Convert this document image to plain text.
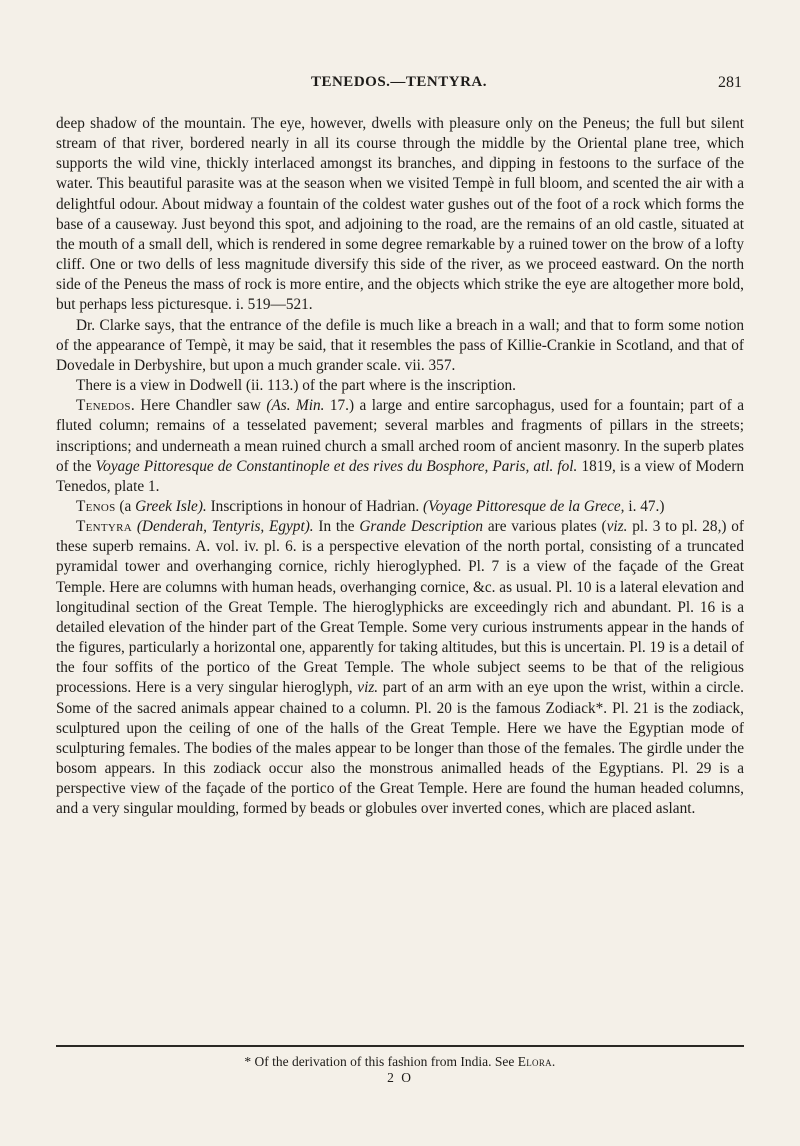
TENEDOS.—TENTYRA.	281

deep shadow of the mountain. The eye, however, dwells with pleasure only on the Peneus; the full but silent stream of that river, bordered nearly in all its course through the middle by the Oriental plane tree, which supports the wild vine, thickly interlaced amongst its branches, and dipping in festoons to the surface of the water. This beautiful parasite was at the season when we visited Tempè in full bloom, and scented the air with a delightful odour. About midway a fountain of the coldest water gushes out of the foot of a rock which forms the base of a causeway. Just beyond this spot, and adjoining to the road, are the remains of an old castle, situated at the mouth of a small dell, which is rendered in some degree remarkable by a ruined tower on the brow of a lofty cliff. One or two dells of less magnitude diversify this side of the river, as we proceed eastward. On the north side of the Peneus the mass of rock is more entire, and the objects which strike the eye are altogether more bold, but perhaps less picturesque. i. 519—521.

Dr. Clarke says, that the entrance of the defile is much like a breach in a wall; and that to form some notion of the appearance of Tempè, it may be said, that it resembles the pass of Killie-Crankie in Scotland, and that of Dovedale in Derbyshire, but upon a much grander scale. vii. 357.

There is a view in Dodwell (ii. 113.) of the part where is the inscription.

Tenedos. Here Chandler saw (As. Min. 17.) a large and entire sarcophagus, used for a fountain; part of a fluted column; remains of a tesselated pavement; several marbles and fragments of pillars in the streets; inscriptions; and underneath a mean ruined church a small arched room of ancient masonry. In the superb plates of the Voyage Pittoresque de Constantinople et des rives du Bosphore, Paris, atl. fol. 1819, is a view of Modern Tenedos, plate 1.

Tenos (a Greek Isle). Inscriptions in honour of Hadrian. (Voyage Pittoresque de la Grece, i. 47.)

Tentyra (Denderah, Tentyris, Egypt). In the Grande Description are various plates (viz. pl. 3 to pl. 28,) of these superb remains. A. vol. iv. pl. 6. is a perspective elevation of the north portal, consisting of a truncated pyramidal tower and overhanging cornice, richly hieroglyphed. Pl. 7 is a view of the façade of the Great Temple. Here are columns with human heads, overhanging cornice, &c. as usual. Pl. 10 is a lateral elevation and longitudinal section of the Great Temple. The hieroglyphicks are exceedingly rich and abundant. Pl. 16 is a detailed elevation of the hinder part of the Great Temple. Some very curious instruments appear in the hands of the figures, particularly a horizontal one, apparently for taking altitudes, but this is uncertain. Pl. 19 is a detail of the four soffits of the portico of the Great Temple. The whole subject seems to be that of the religious processions. Here is a very singular hieroglyph, viz. part of an arm with an eye upon the wrist, within a circle. Some of the sacred animals appear chained to a column. Pl. 20 is the famous Zodiack*. Pl. 21 is the zodiack, sculptured upon the ceiling of one of the halls of the Great Temple. Here we have the Egyptian mode of sculpturing females. The bodies of the males appear to be longer than those of the females. The girdle under the bosom appears. In this zodiack occur also the monstrous animalled heads of the Egyptians. Pl. 29 is a perspective view of the façade of the portico of the Great Temple. Here are found the human headed columns, and a very singular moulding, formed by beads or globules over inverted cones, which are placed aslant.

* Of the derivation of this fashion from India. See Elora.
2 O
